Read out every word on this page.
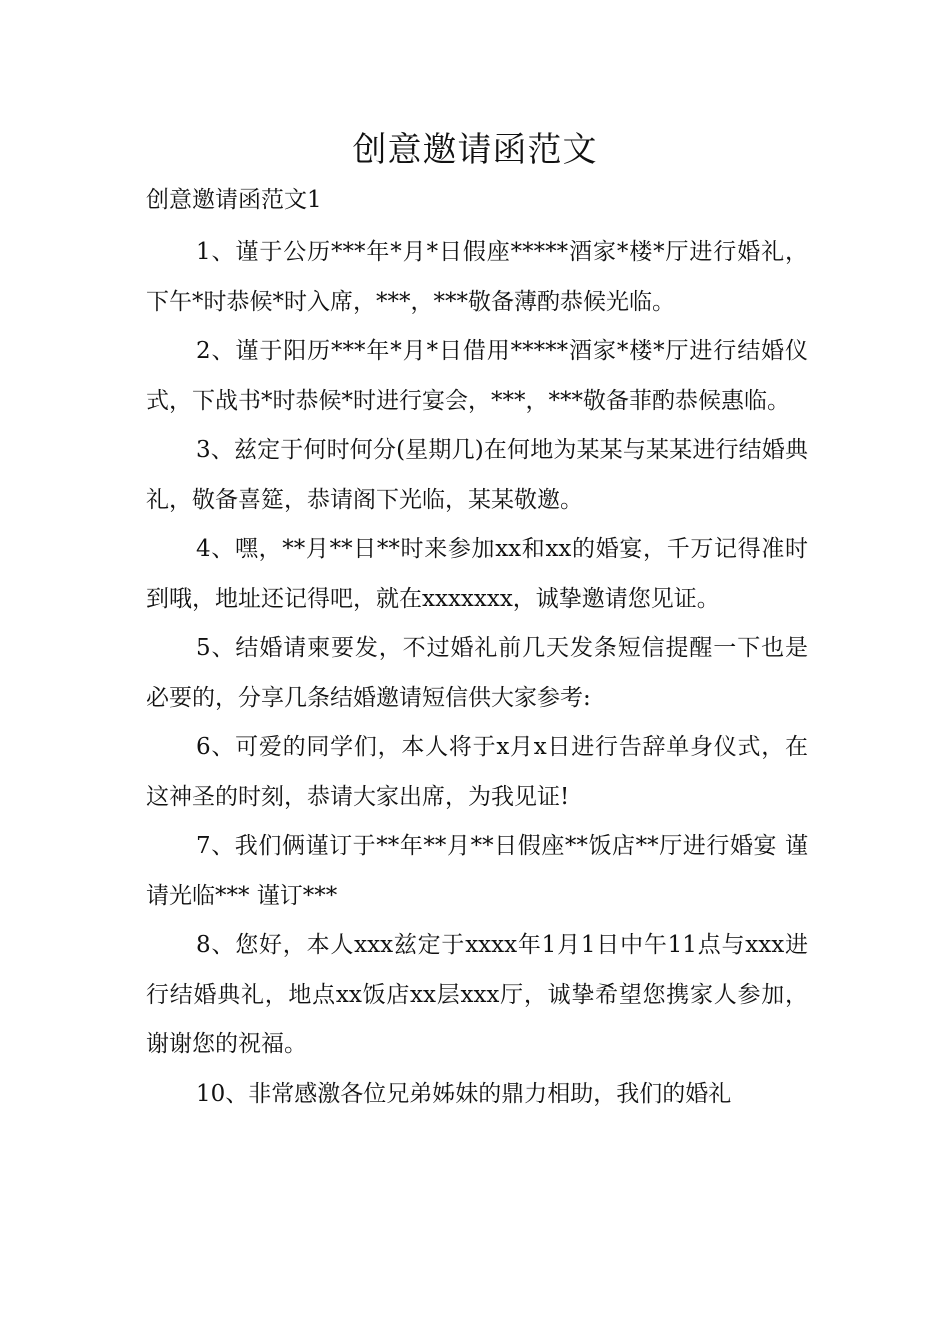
创意邀请函范文
创意邀请函范文1

1、谨于公历***年*月*日假座*****酒家*楼*厅进行婚礼，下午*时恭候*时入席，***，***敬备薄酌恭候光临。

2、谨于阳历***年*月*日借用*****酒家*楼*厅进行结婚仪式，下战书*时恭候*时进行宴会，***，***敬备菲酌恭候惠临。

3、兹定于何时何分(星期几)在何地为某某与某某进行结婚典礼，敬备喜筵，恭请阁下光临，某某敬邀。

4、嘿，**月**日**时来参加xx和xx的婚宴，千万记得准时到哦，地址还记得吧，就在xxxxxxx，诚挚邀请您见证。

5、结婚请柬要发，不过婚礼前几天发条短信提醒一下也是必要的，分享几条结婚邀请短信供大家参考:

6、可爱的同学们，本人将于x月x日进行告辞单身仪式，在这神圣的时刻，恭请大家出席，为我见证!

7、我们俩谨订于**年**月**日假座**饭店**厅进行婚宴 谨请光临*** 谨订***

8、您好，本人xxx兹定于xxxx年1月1日中午11点与xxx进行结婚典礼，地点xx饭店xx层xxx厅，诚挚希望您携家人参加，谢谢您的祝福。

10、非常感激各位兄弟姊妹的鼎力相助，我们的婚礼
